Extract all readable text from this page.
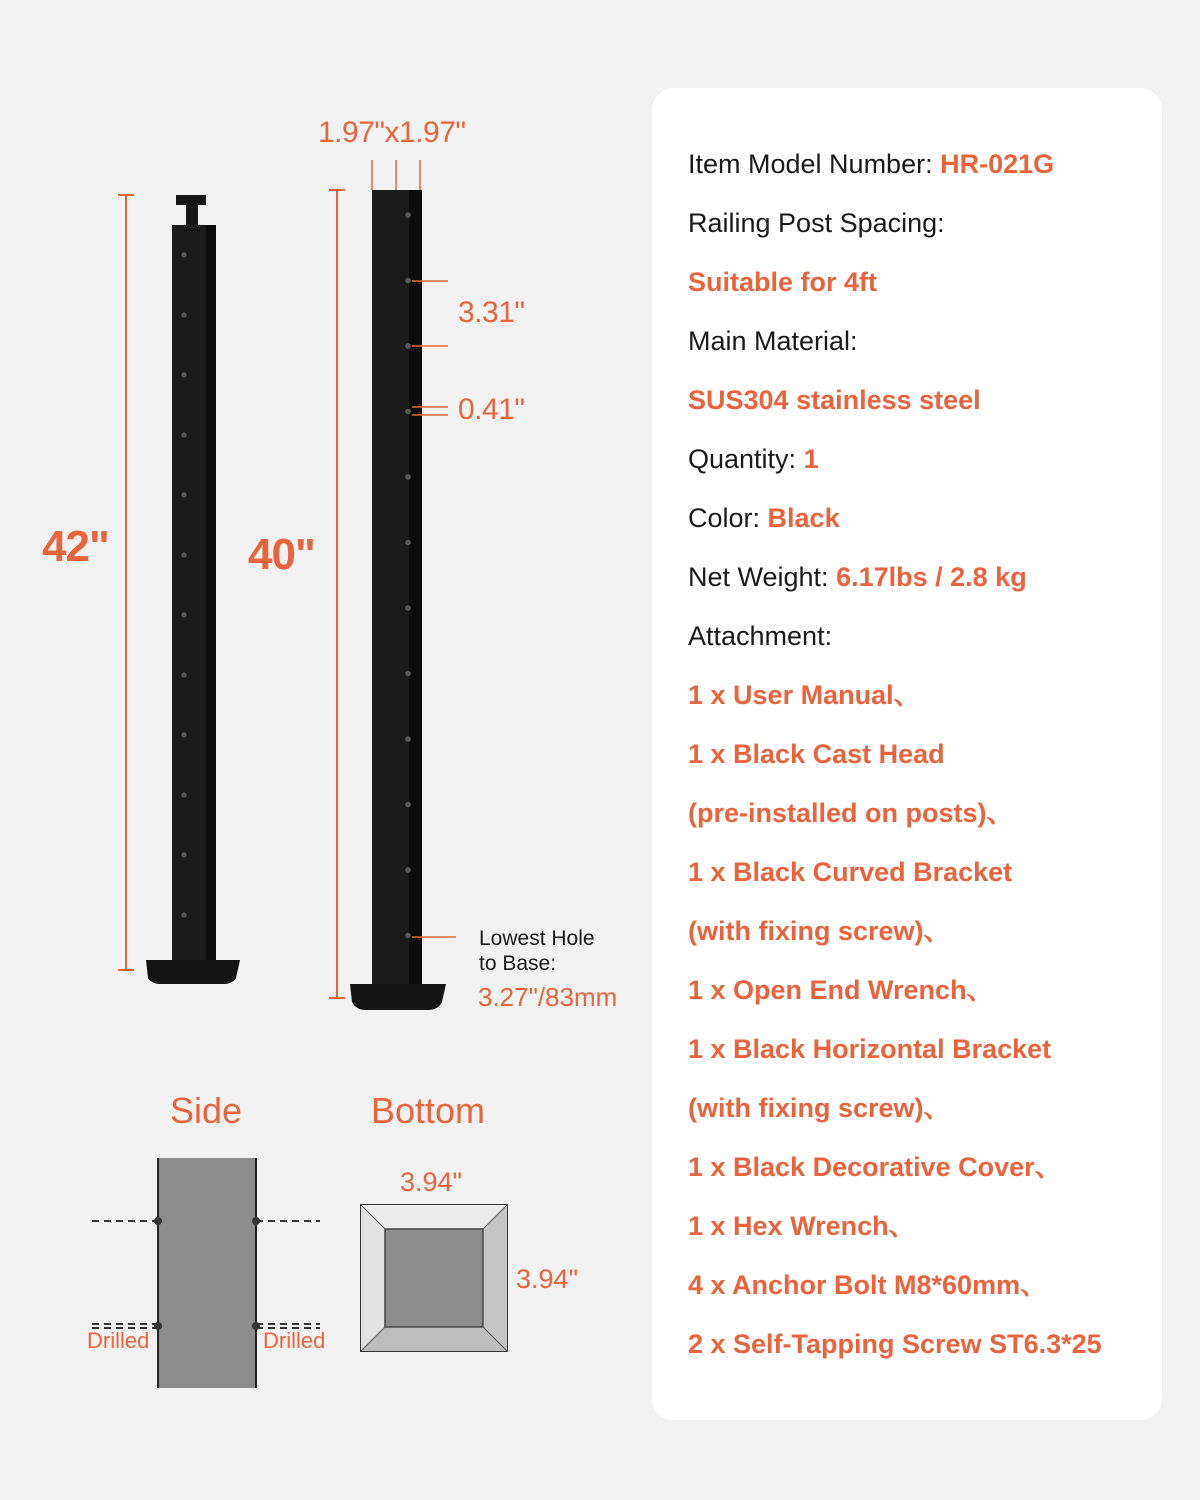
1.97"x1.97"
42"	40"
3.31"
0.41"
Lowest Hole
to Base:
3.27"/83mm
Side	Bottom
Drilled	Drilled
3.94"
3.94"
Item Model Number: HR-021G
Railing Post Spacing:
Suitable for 4ft
Main Material:
SUS304 stainless steel
Quantity: 1
Color: Black
Net Weight: 6.17lbs / 2.8 kg
Attachment:
1 x User Manual、
1 x Black Cast Head
(pre-installed on posts)、
1 x Black Curved Bracket
(with fixing screw)、
1 x Open End Wrench、
1 x Black Horizontal Bracket
(with fixing screw)、
1 x Black Decorative Cover、
1 x Hex Wrench、
4 x Anchor Bolt M8*60mm、
2 x Self-Tapping Screw ST6.3*25
